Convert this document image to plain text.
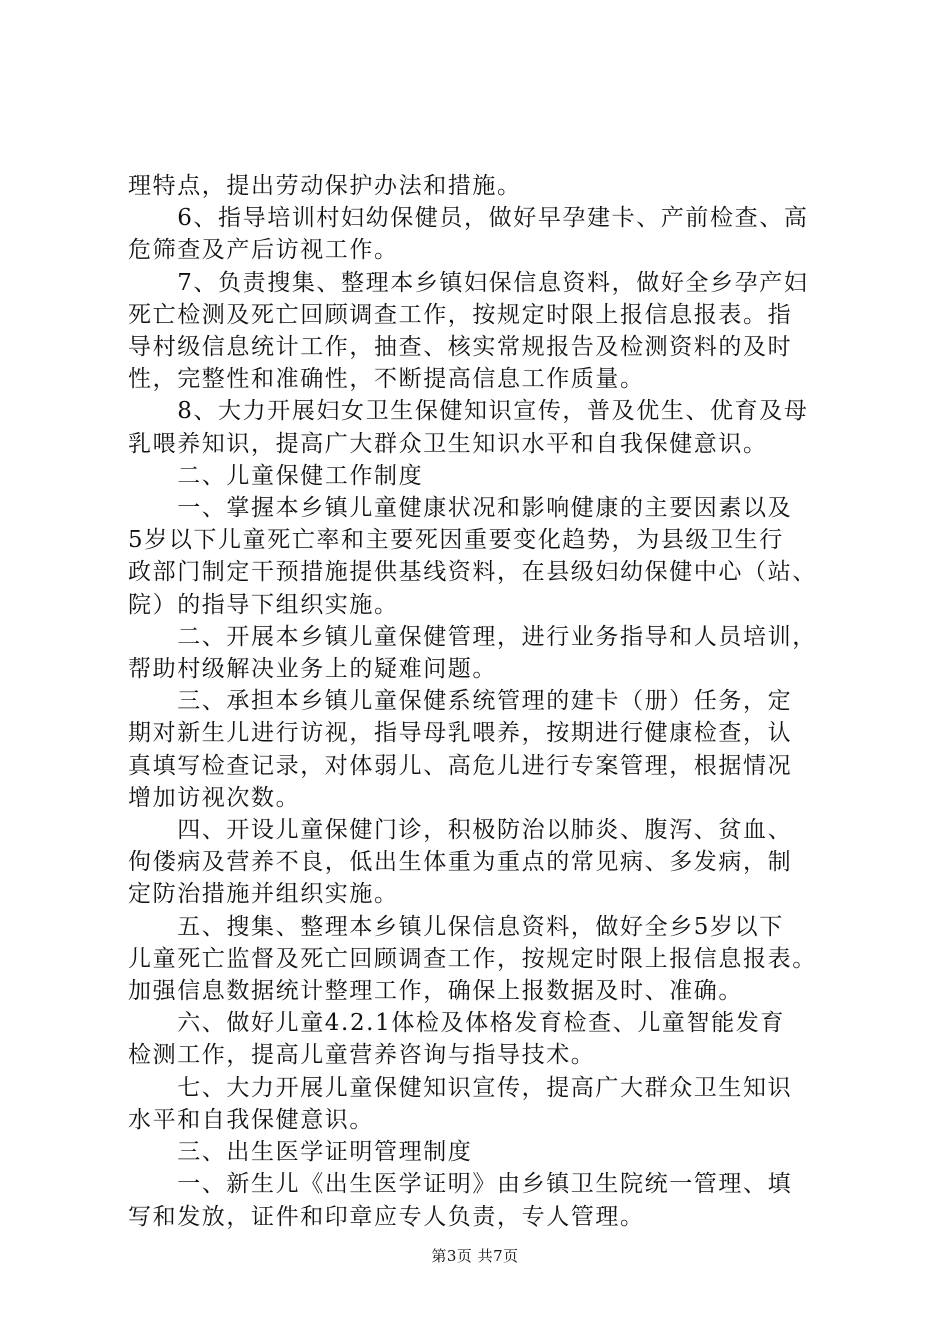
理特点，提出劳动保护办法和措施。
　　6、指导培训村妇幼保健员，做好早孕建卡、产前检查、高
危筛查及产后访视工作。
　　7、负责搜集、整理本乡镇妇保信息资料，做好全乡孕产妇
死亡检测及死亡回顾调查工作，按规定时限上报信息报表。指
导村级信息统计工作，抽查、核实常规报告及检测资料的及时
性，完整性和准确性，不断提高信息工作质量。
　　8、大力开展妇女卫生保健知识宣传，普及优生、优育及母
乳喂养知识，提高广大群众卫生知识水平和自我保健意识。
　　二、儿童保健工作制度
　　一、掌握本乡镇儿童健康状况和影响健康的主要因素以及
5岁以下儿童死亡率和主要死因重要变化趋势，为县级卫生行
政部门制定干预措施提供基线资料，在县级妇幼保健中心（站、
院）的指导下组织实施。
　　二、开展本乡镇儿童保健管理，进行业务指导和人员培训，
帮助村级解决业务上的疑难问题。
　　三、承担本乡镇儿童保健系统管理的建卡（册）任务，定
期对新生儿进行访视，指导母乳喂养，按期进行健康检查，认
真填写检查记录，对体弱儿、高危儿进行专案管理，根据情况
增加访视次数。
　　四、开设儿童保健门诊，积极防治以肺炎、腹泻、贫血、
佝偻病及营养不良，低出生体重为重点的常见病、多发病，制
定防治措施并组织实施。
　　五、搜集、整理本乡镇儿保信息资料，做好全乡5岁以下
儿童死亡监督及死亡回顾调查工作，按规定时限上报信息报表。
加强信息数据统计整理工作，确保上报数据及时、准确。
　　六、做好儿童4.2.1体检及体格发育检查、儿童智能发育
检测工作，提高儿童营养咨询与指导技术。
　　七、大力开展儿童保健知识宣传，提高广大群众卫生知识
水平和自我保健意识。
　　三、出生医学证明管理制度
　　一、新生儿《出生医学证明》由乡镇卫生院统一管理、填
写和发放，证件和印章应专人负责，专人管理。

第3页 共7页
